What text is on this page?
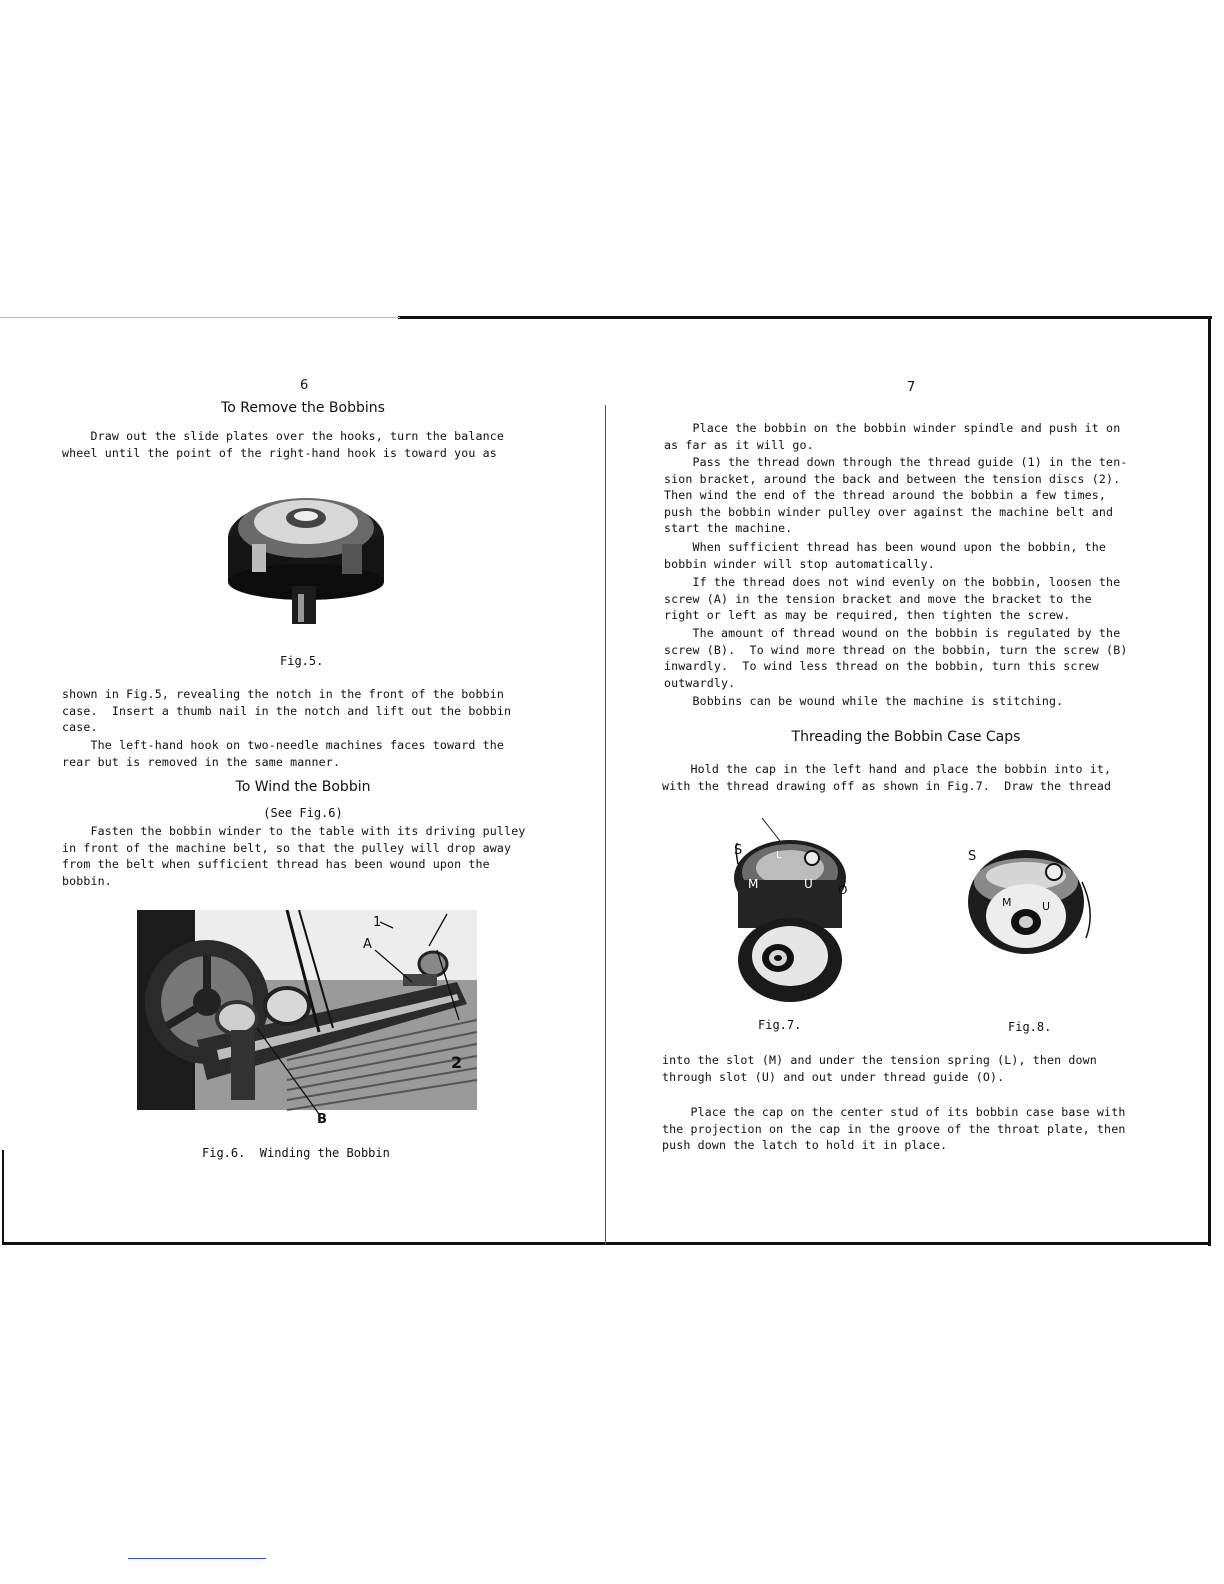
6
To Remove the Bobbins
Draw out the slide plates over the hooks, turn the balance
wheel until the point of the right-hand hook is toward you as
Fig.5.
shown in Fig.5, revealing the notch in the front of the bobbin
case.  Insert a thumb nail in the notch and lift out the bobbin
case.
The left-hand hook on two-needle machines faces toward the
rear but is removed in the same manner.
To Wind the Bobbin
(See Fig.6)
Fasten the bobbin winder to the table with its driving pulley
in front of the machine belt, so that the pulley will drop away
from the belt when sufficient thread has been wound upon the
bobbin.
1
A
2
B
Fig.6.  Winding the Bobbin
7
Place the bobbin on the bobbin winder spindle and push it on
as far as it will go.
Pass the thread down through the thread guide (1) in the ten-
sion bracket, around the back and between the tension discs (2).
Then wind the end of the thread around the bobbin a few times,
push the bobbin winder pulley over against the machine belt and
start the machine.
When sufficient thread has been wound upon the bobbin, the
bobbin winder will stop automatically.
If the thread does not wind evenly on the bobbin, loosen the
screw (A) in the tension bracket and move the bracket to the
right or left as may be required, then tighten the screw.
The amount of thread wound on the bobbin is regulated by the
screw (B).  To wind more thread on the bobbin, turn the screw (B)
inwardly.  To wind less thread on the bobbin, turn this screw
outwardly.
Bobbins can be wound while the machine is stitching.
Threading the Bobbin Case Caps
Hold the cap in the left hand and place the bobbin into it,
with the thread drawing off as shown in Fig.7.  Draw the thread
S	L
M	U O
S
M	U
Fig.7.	Fig.8.
into the slot (M) and under the tension spring (L), then down
through slot (U) and out under thread guide (O).
Place the cap on the center stud of its bobbin case base with
the projection on the cap in the groove of the throat plate, then
push down the latch to hold it in place.
